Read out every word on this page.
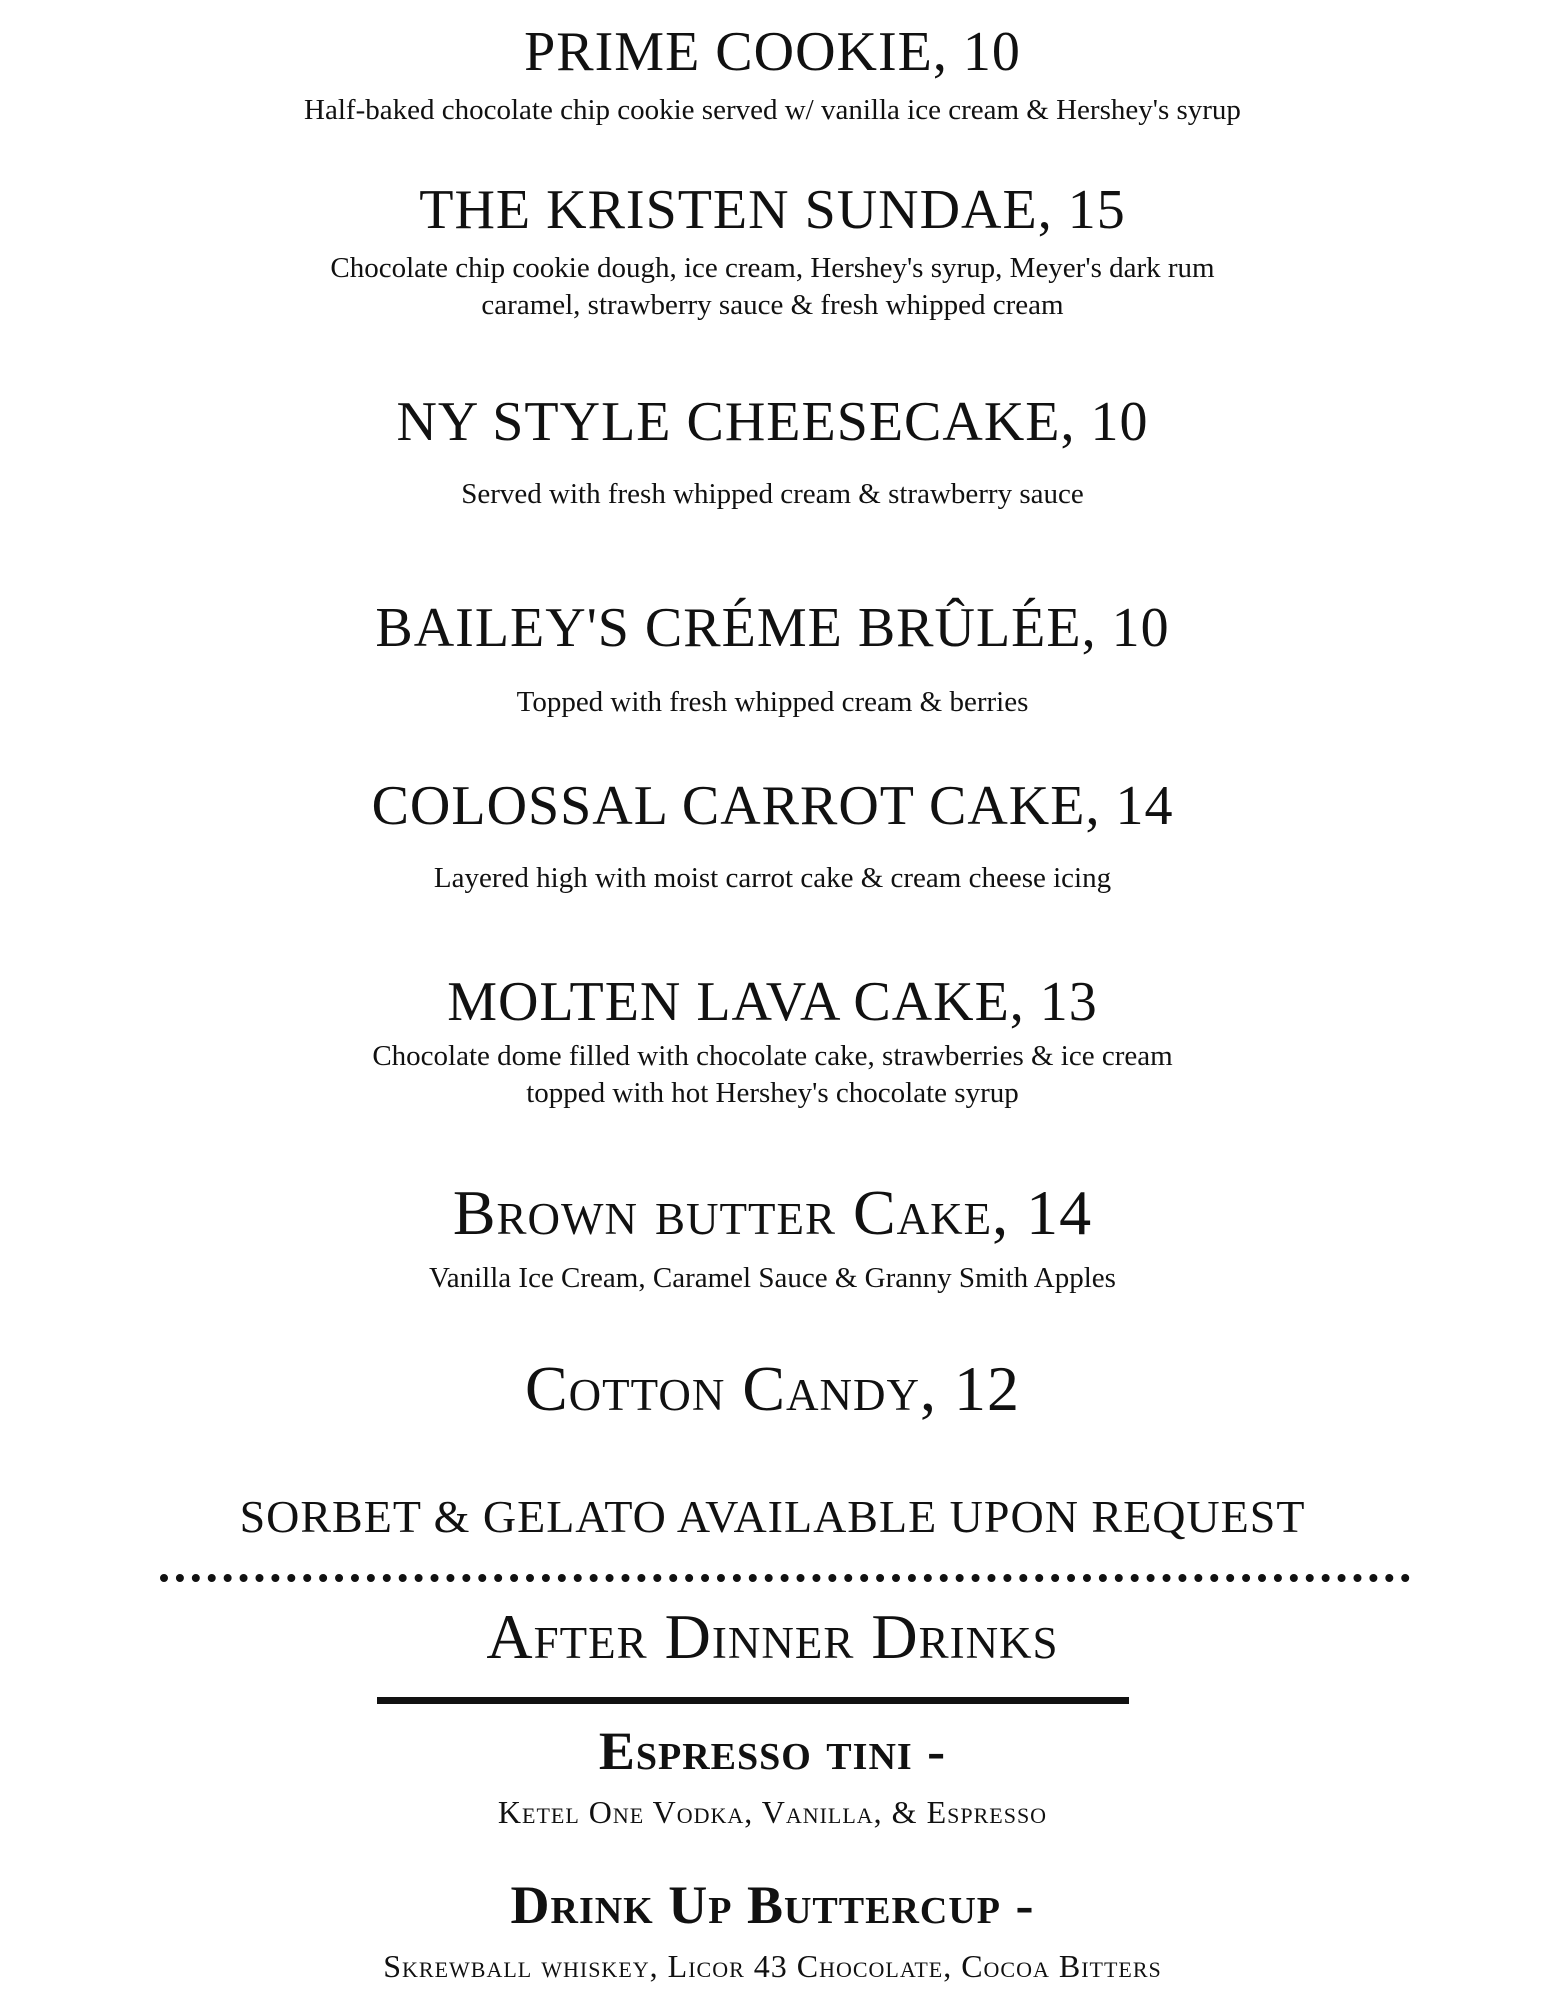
PRIME COOKIE, 10
Half-baked chocolate chip cookie served w/ vanilla ice cream & Hershey's syrup
THE KRISTEN SUNDAE, 15
Chocolate chip cookie dough, ice cream, Hershey's syrup, Meyer's dark rum
caramel, strawberry sauce & fresh whipped cream
NY STYLE CHEESECAKE, 10
Served with fresh whipped cream & strawberry sauce
BAILEY'S CRÉME BRÛLÉE, 10
Topped with fresh whipped cream & berries
COLOSSAL CARROT CAKE, 14
Layered high with moist carrot cake & cream cheese icing
MOLTEN LAVA CAKE, 13
Chocolate dome filled with chocolate cake, strawberries & ice cream
topped with hot Hershey's chocolate syrup
Brown butter Cake, 14
Vanilla Ice Cream, Caramel Sauce & Granny Smith Apples
Cotton Candy, 12
SORBET & GELATO AVAILABLE UPON REQUEST
After Dinner Drinks
Espresso tini -
Ketel One Vodka, Vanilla, & Espresso
Drink Up Buttercup -
Skrewball whiskey, Licor 43 Chocolate, Cocoa Bitters
